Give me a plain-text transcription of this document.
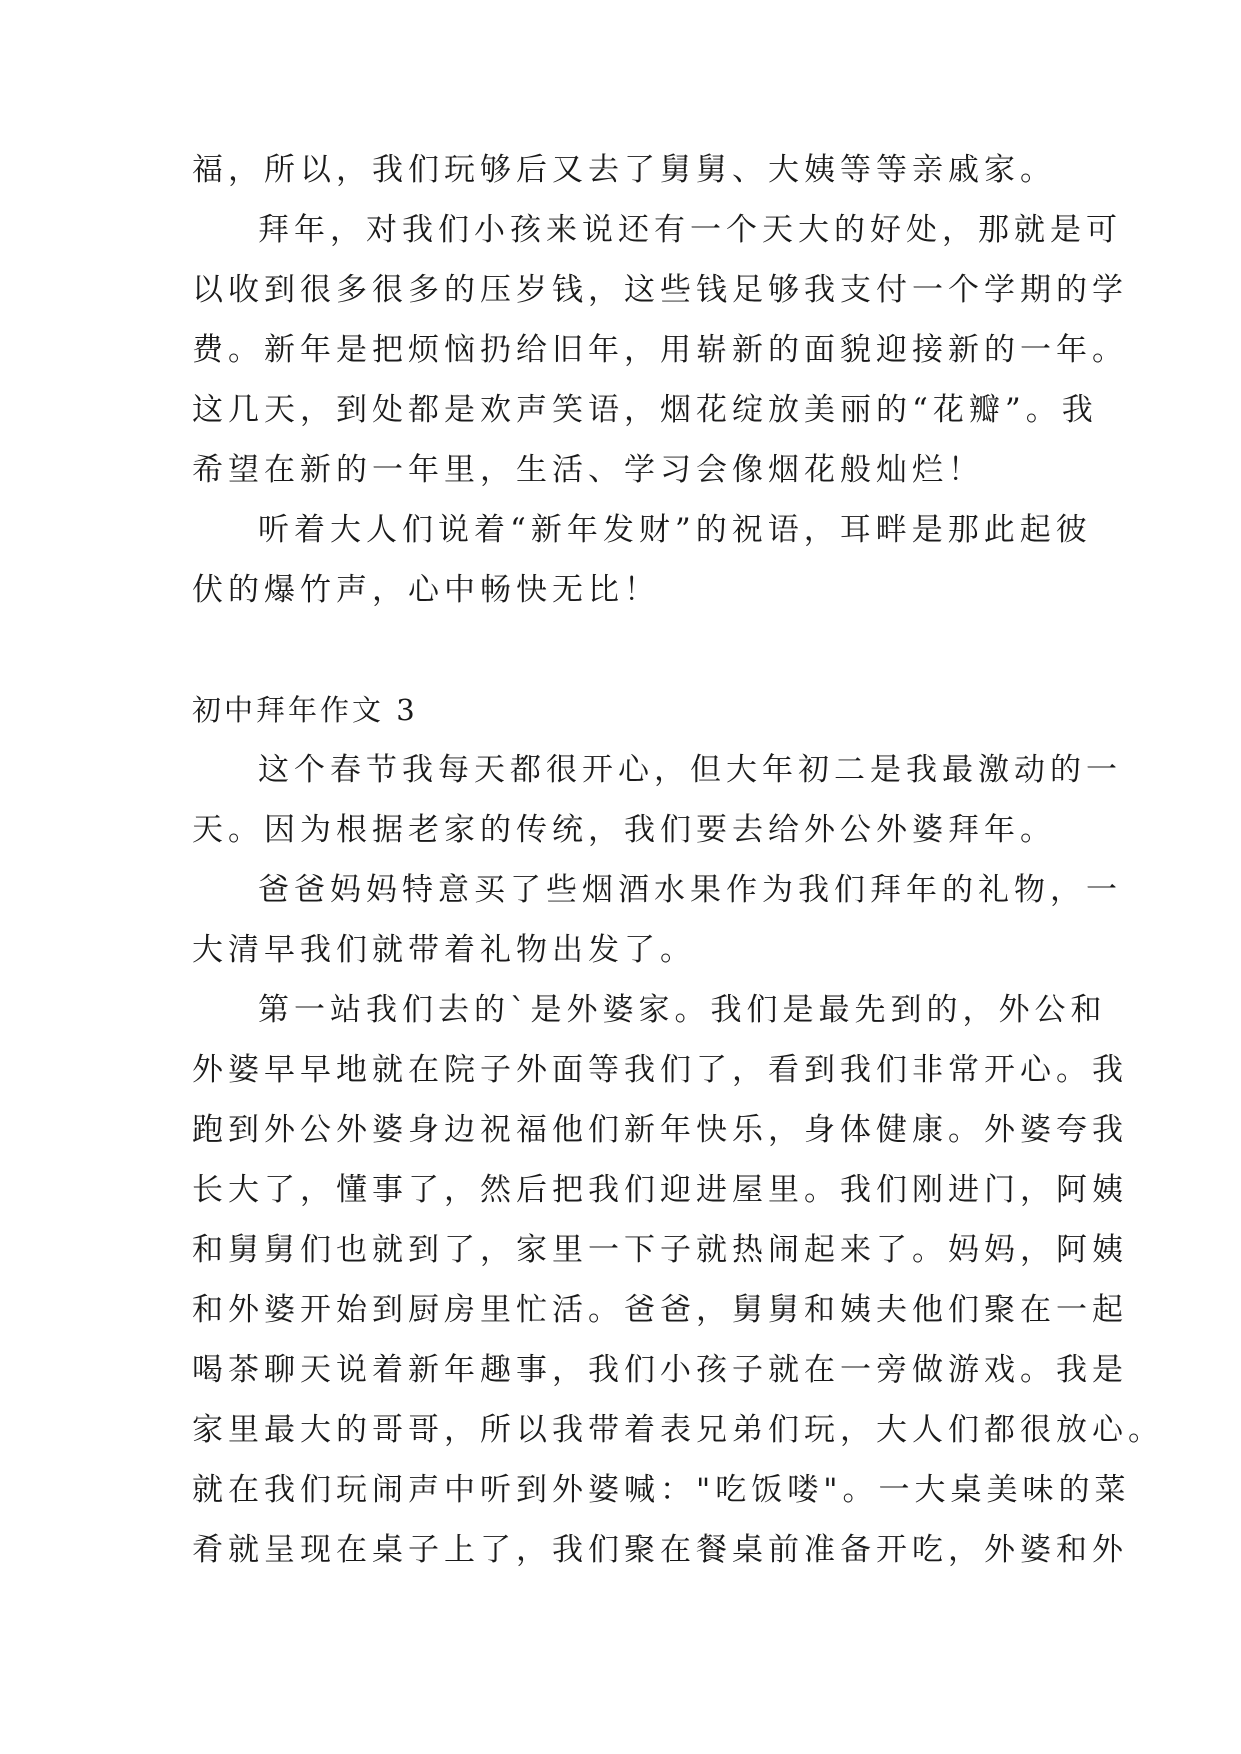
福，所以，我们玩够后又去了舅舅、大姨等等亲戚家。
拜年，对我们小孩来说还有一个天大的好处，那就是可
以收到很多很多的压岁钱，这些钱足够我支付一个学期的学
费。新年是把烦恼扔给旧年，用崭新的面貌迎接新的一年。
这几天，到处都是欢声笑语，烟花绽放美丽的“花瓣”。我
希望在新的一年里，生活、学习会像烟花般灿烂！
听着大人们说着“新年发财”的祝语，耳畔是那此起彼
伏的爆竹声，心中畅快无比！
初中拜年作文 3
这个春节我每天都很开心，但大年初二是我最激动的一
天。因为根据老家的传统，我们要去给外公外婆拜年。
爸爸妈妈特意买了些烟酒水果作为我们拜年的礼物，一
大清早我们就带着礼物出发了。
第一站我们去的`是外婆家。我们是最先到的，外公和
外婆早早地就在院子外面等我们了，看到我们非常开心。我
跑到外公外婆身边祝福他们新年快乐，身体健康。外婆夸我
长大了，懂事了，然后把我们迎进屋里。我们刚进门，阿姨
和舅舅们也就到了，家里一下子就热闹起来了。妈妈，阿姨
和外婆开始到厨房里忙活。爸爸，舅舅和姨夫他们聚在一起
喝茶聊天说着新年趣事，我们小孩子就在一旁做游戏。我是
家里最大的哥哥，所以我带着表兄弟们玩，大人们都很放心。
就在我们玩闹声中听到外婆喊："吃饭喽"。一大桌美味的菜
肴就呈现在桌子上了，我们聚在餐桌前准备开吃，外婆和外
